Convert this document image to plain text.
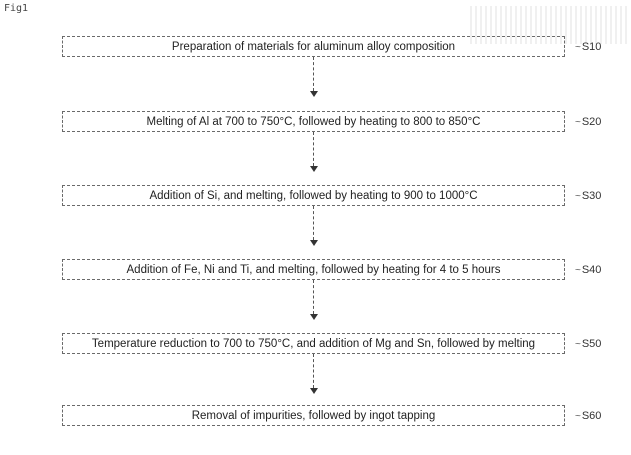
Fig1
Preparation of materials for aluminum alloy composition	~S10
Melting of Al at 700 to 750°C, followed by heating to 800 to 850°C	~S20
Addition of Si, and melting, followed by heating to 900 to 1000°C	~S30
Addition of Fe, Ni and Ti, and melting, followed by heating for 4 to 5 hours	~S40
Temperature reduction to 700 to 750°C, and addition of Mg and Sn, followed by melting	~S50
Removal of impurities, followed by ingot tapping	~S60
